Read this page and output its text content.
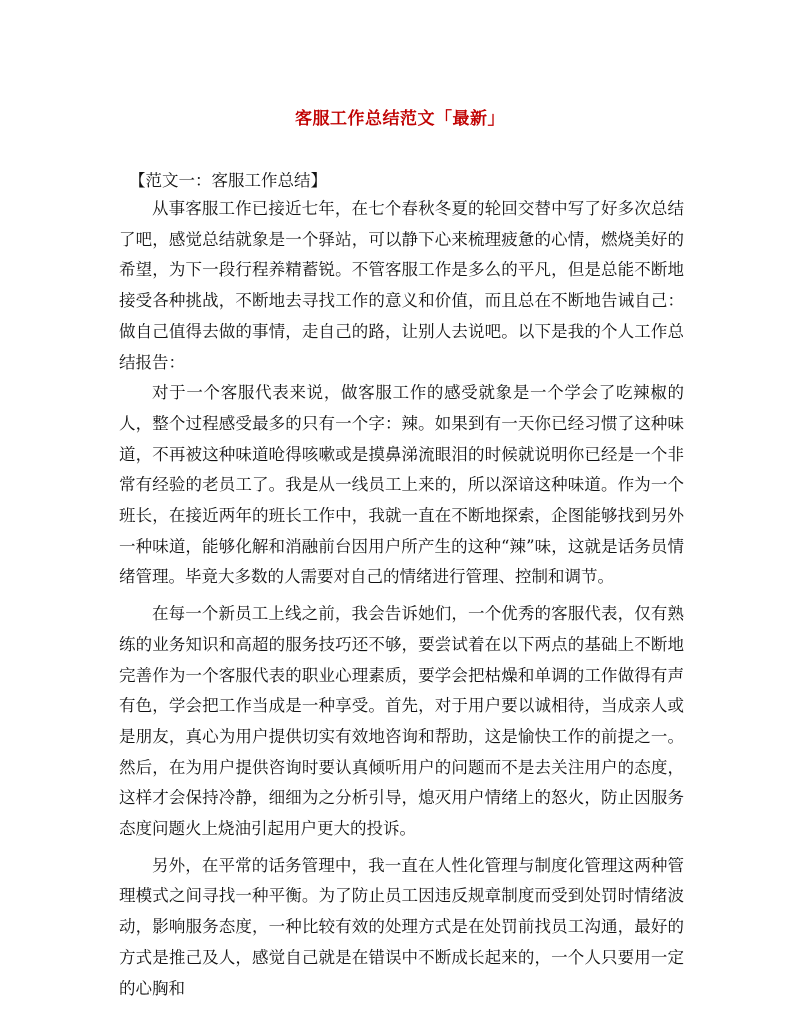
客服工作总结范文「最新」

【范文一：客服工作总结】

从事客服工作已接近七年，在七个春秋冬夏的轮回交替中写了好多次总结了吧，感觉总结就象是一个驿站，可以静下心来梳理疲惫的心情，燃烧美好的希望，为下一段行程养精蓄锐。不管客服工作是多么的平凡，但是总能不断地接受各种挑战，不断地去寻找工作的意义和价值，而且总在不断地告诫自己：做自己值得去做的事情，走自己的路，让别人去说吧。以下是我的个人工作总结报告：

对于一个客服代表来说，做客服工作的感受就象是一个学会了吃辣椒的人，整个过程感受最多的只有一个字：辣。如果到有一天你已经习惯了这种味道，不再被这种味道呛得咳嗽或是摸鼻涕流眼泪的时候就说明你已经是一个非常有经验的老员工了。我是从一线员工上来的，所以深谙这种味道。作为一个班长，在接近两年的班长工作中，我就一直在不断地探索，企图能够找到另外一种味道，能够化解和消融前台因用户所产生的这种“辣”味，这就是话务员情绪管理。毕竟大多数的人需要对自己的情绪进行管理、控制和调节。

在每一个新员工上线之前，我会告诉她们，一个优秀的客服代表，仅有熟练的业务知识和高超的服务技巧还不够，要尝试着在以下两点的基础上不断地完善作为一个客服代表的职业心理素质，要学会把枯燥和单调的工作做得有声有色，学会把工作当成是一种享受。首先，对于用户要以诚相待，当成亲人或是朋友，真心为用户提供切实有效地咨询和帮助，这是愉快工作的前提之一。然后，在为用户提供咨询时要认真倾听用户的问题而不是去关注用户的态度，这样才会保持冷静，细细为之分析引导，熄灭用户情绪上的怒火，防止因服务态度问题火上烧油引起用户更大的投诉。

另外，在平常的话务管理中，我一直在人性化管理与制度化管理这两种管理模式之间寻找一种平衡。为了防止员工因违反规章制度而受到处罚时情绪波动，影响服务态度，一种比较有效的处理方式是在处罚前找员工沟通，最好的方式是推己及人，感觉自己就是在错误中不断成长起来的，一个人只要用一定的心胸和
